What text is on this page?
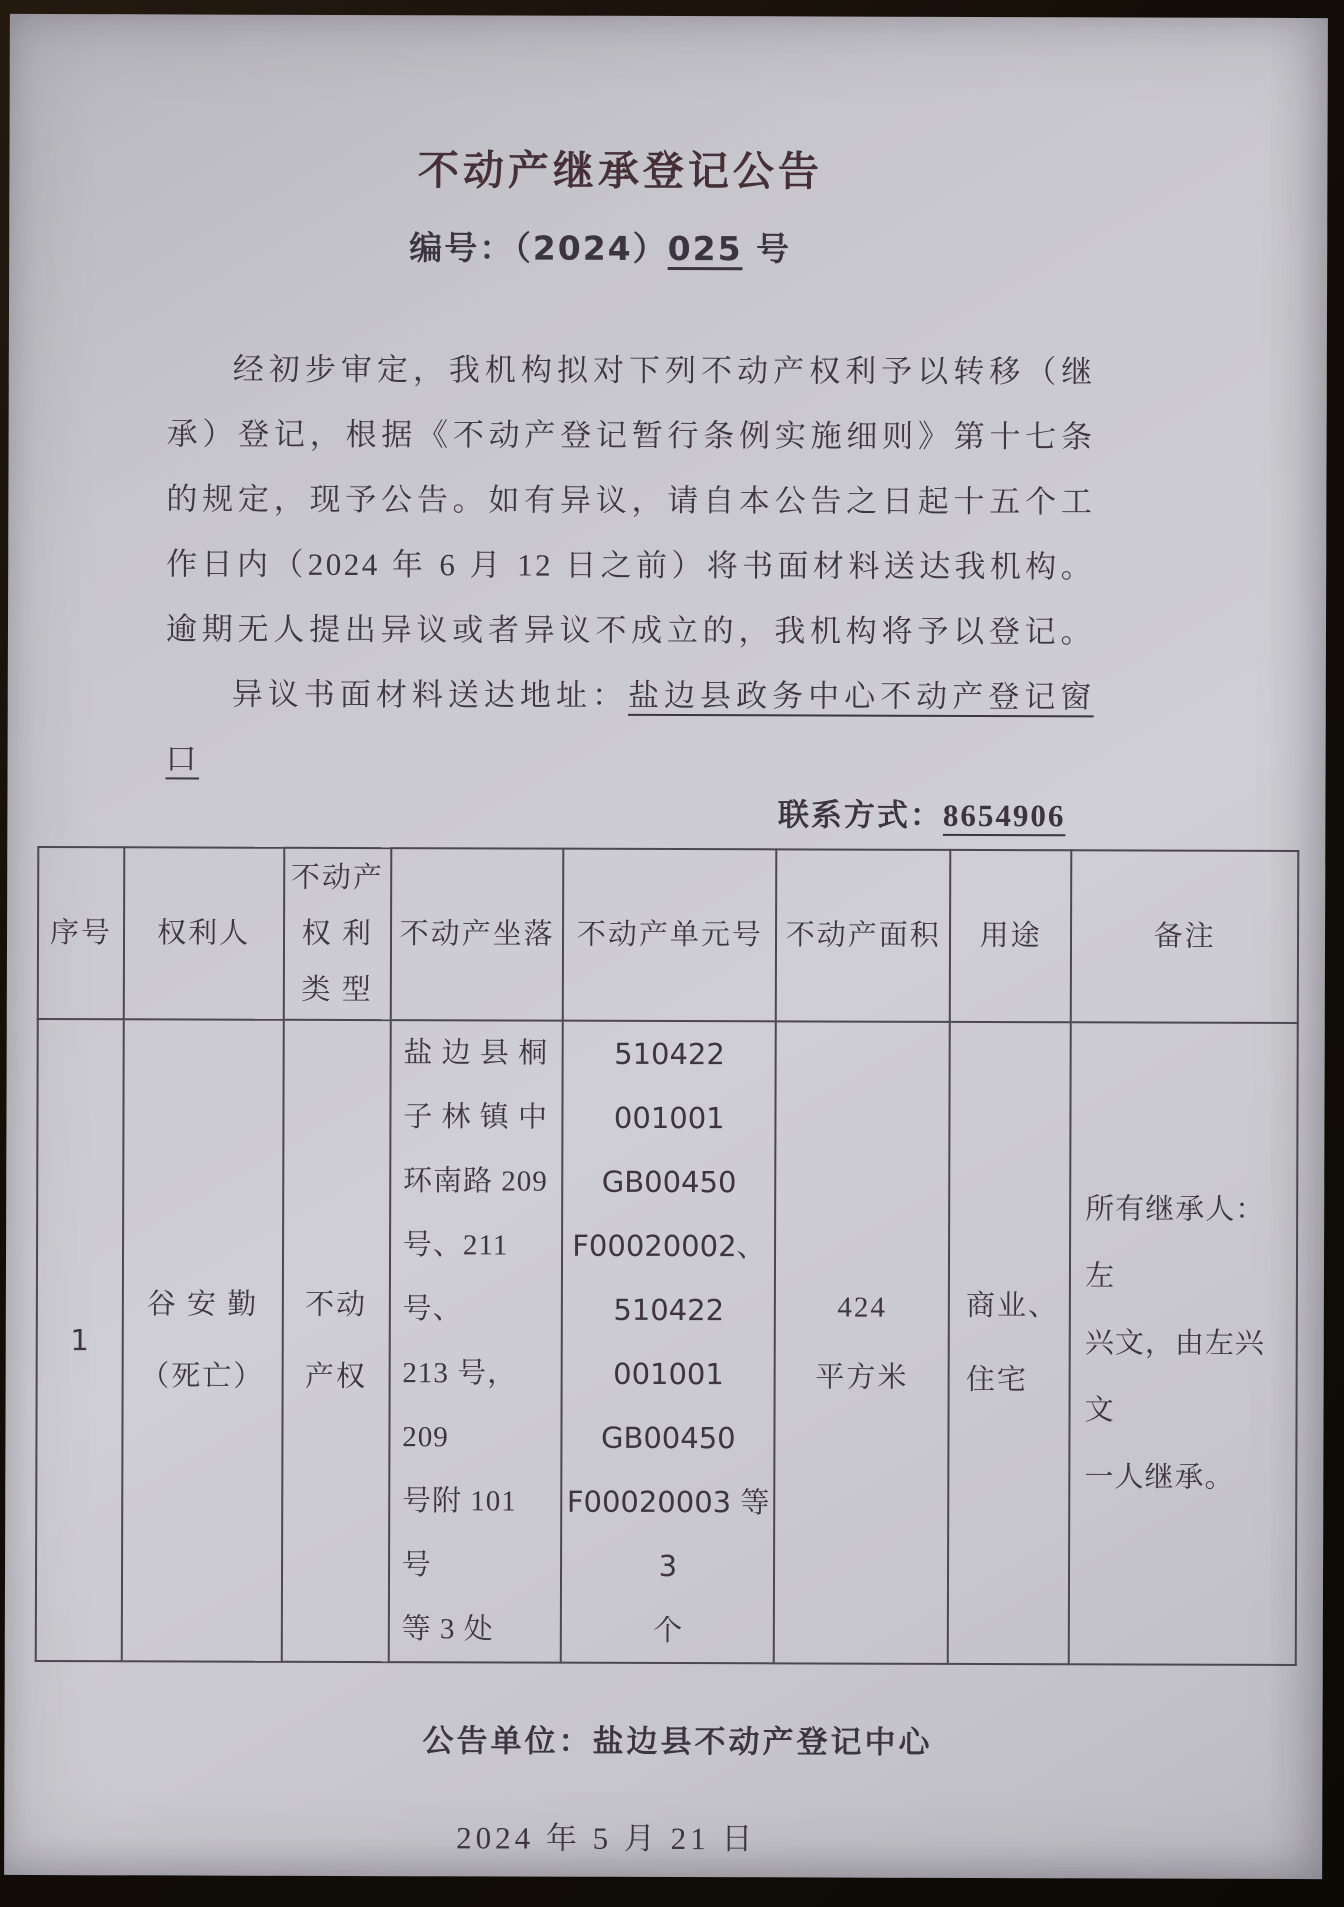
不动产继承登记公告
编号：（2024）025 号
经初步审定，我机构拟对下列不动产权利予以转移（继
承）登记，根据《不动产登记暂行条例实施细则》第十七条
的规定，现予公告。如有异议，请自本公告之日起十五个工
作日内（2024 年 6 月 12 日之前）将书面材料送达我机构。
逾期无人提出异议或者异议不成立的，我机构将予以登记。
异议书面材料送达地址：盐边县政务中心不动产登记窗
口
联系方式：8654906
序号	权利人	不动产
权 利
类 型	不动产坐落	不动产单元号	不动产面积	用途	备注
1	谷 安 勤
（死亡）	不动
产权	盐 边 县 桐
子 林 镇 中
环南路 209
号、211 号、
213 号，209
号附 101 号
等 3 处	510422 001001
GB00450
F00020002、
510422 001001
GB00450
F00020003 等 3
个	424
平方米	商业、
住宅	所有继承人：左
兴文，由左兴文
一人继承。
公告单位：盐边县不动产登记中心
2024 年 5 月 21 日
